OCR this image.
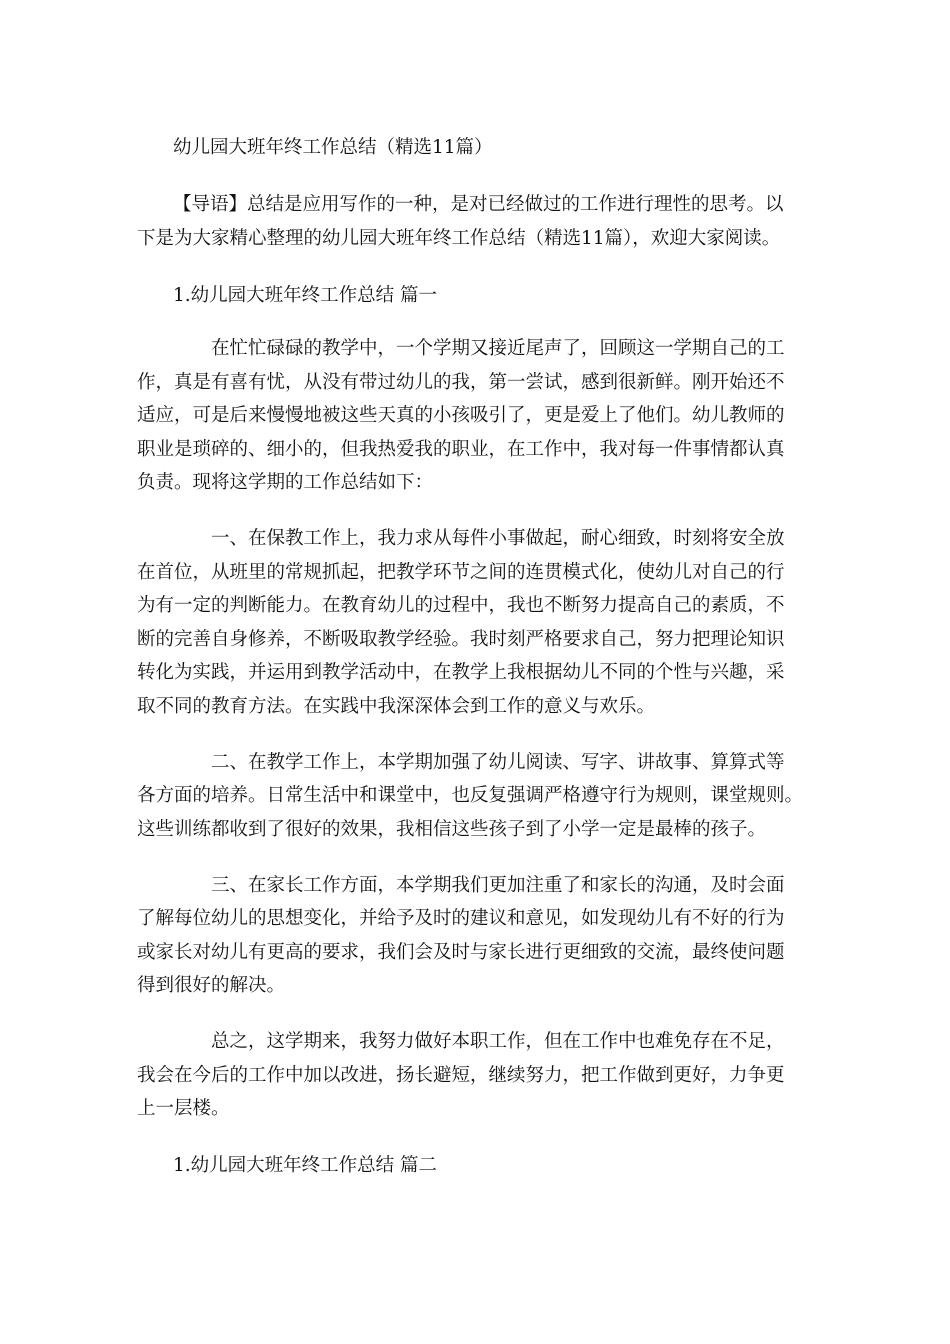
幼儿园大班年终工作总结（精选11篇）
【导语】总结是应用写作的一种，是对已经做过的工作进行理性的思考。以
下是为大家精心整理的幼儿园大班年终工作总结（精选11篇），欢迎大家阅读。
1.幼儿园大班年终工作总结 篇一
在忙忙碌碌的教学中，一个学期又接近尾声了，回顾这一学期自己的工
作，真是有喜有忧，从没有带过幼儿的我，第一尝试，感到很新鲜。刚开始还不
适应，可是后来慢慢地被这些天真的小孩吸引了，更是爱上了他们。幼儿教师的
职业是琐碎的、细小的，但我热爱我的职业，在工作中，我对每一件事情都认真
负责。现将这学期的工作总结如下：
一、在保教工作上，我力求从每件小事做起，耐心细致，时刻将安全放
在首位，从班里的常规抓起，把教学环节之间的连贯模式化，使幼儿对自己的行
为有一定的判断能力。在教育幼儿的过程中，我也不断努力提高自己的素质，不
断的完善自身修养，不断吸取教学经验。我时刻严格要求自己，努力把理论知识
转化为实践，并运用到教学活动中，在教学上我根据幼儿不同的个性与兴趣，采
取不同的教育方法。在实践中我深深体会到工作的意义与欢乐。
二、在教学工作上，本学期加强了幼儿阅读、写字、讲故事、算算式等
各方面的培养。日常生活中和课堂中，也反复强调严格遵守行为规则，课堂规则。
这些训练都收到了很好的效果，我相信这些孩子到了小学一定是最棒的孩子。
三、在家长工作方面，本学期我们更加注重了和家长的沟通，及时会面
了解每位幼儿的思想变化，并给予及时的建议和意见，如发现幼儿有不好的行为
或家长对幼儿有更高的要求，我们会及时与家长进行更细致的交流，最终使问题
得到很好的解决。
总之，这学期来，我努力做好本职工作，但在工作中也难免存在不足，
我会在今后的工作中加以改进，扬长避短，继续努力，把工作做到更好，力争更
上一层楼。
1.幼儿园大班年终工作总结 篇二
